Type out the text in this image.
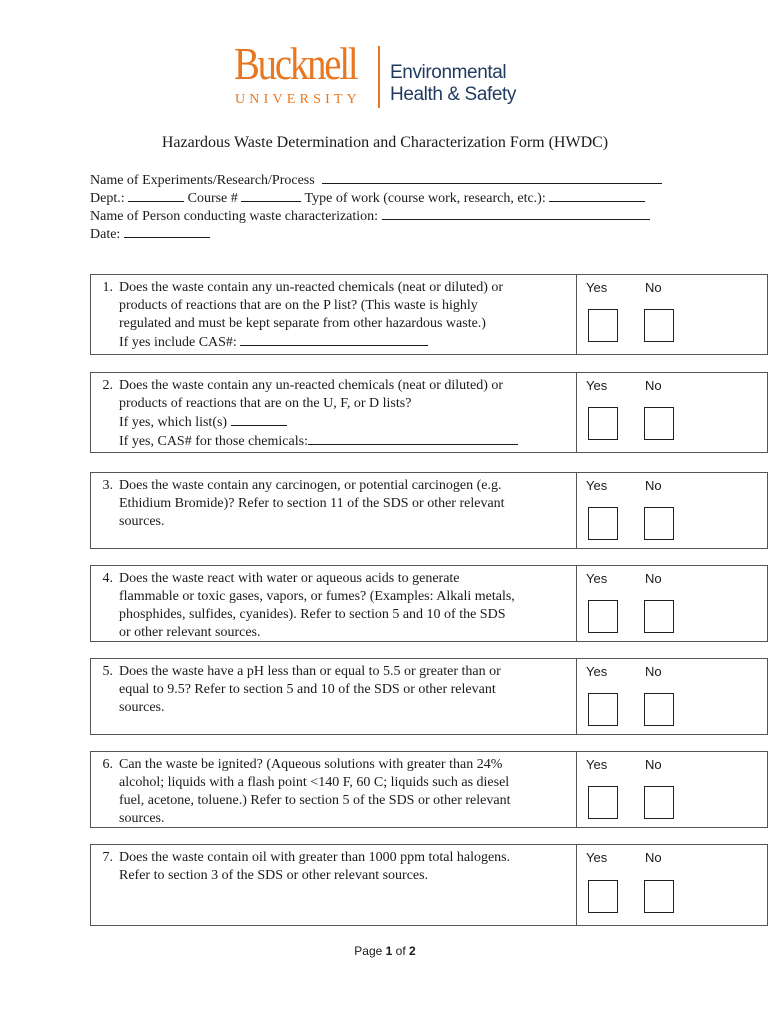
Bucknell
UNIVERSITY
Environmental
Health & Safety
Hazardous Waste Determination and Characterization Form (HWDC)
Name of Experiments/Research/Process
Dept.:	Course #	Type of work (course work, research, etc.):
Name of Person conducting waste characterization:
Date:
1. Does the waste contain any un-reacted chemicals (neat or diluted) or
products of reactions that are on the P list? (This waste is highly
regulated and must be kept separate from other hazardous waste.)
If yes include CAS#:
Yes	No
2. Does the waste contain any un-reacted chemicals (neat or diluted) or
products of reactions that are on the U, F, or D lists?
If yes, which list(s)
If yes, CAS# for those chemicals:
Yes	No
3. Does the waste contain any carcinogen, or potential carcinogen (e.g.
Ethidium Bromide)? Refer to section 11 of the SDS or other relevant
sources.
Yes	No
4. Does the waste react with water or aqueous acids to generate
flammable or toxic gases, vapors, or fumes? (Examples: Alkali metals,
phosphides, sulfides, cyanides). Refer to section 5 and 10 of the SDS
or other relevant sources.
Yes	No
5. Does the waste have a pH less than or equal to 5.5 or greater than or
equal to 9.5? Refer to section 5 and 10 of the SDS or other relevant
sources.
Yes	No
6. Can the waste be ignited? (Aqueous solutions with greater than 24%
alcohol; liquids with a flash point <140 F, 60 C; liquids such as diesel
fuel, acetone, toluene.) Refer to section 5 of the SDS or other relevant
sources.
Yes	No
7. Does the waste contain oil with greater than 1000 ppm total halogens.
Refer to section 3 of the SDS or other relevant sources.
Yes	No
Page 1 of 2
